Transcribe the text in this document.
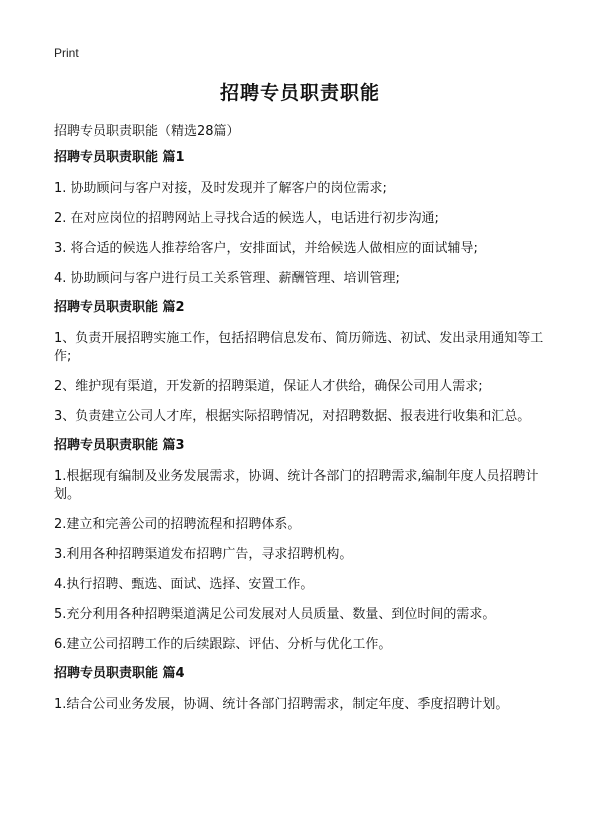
Print
招聘专员职责职能
招聘专员职责职能（精选28篇）
招聘专员职责职能 篇1
1. 协助顾问与客户对接，及时发现并了解客户的岗位需求;
2. 在对应岗位的招聘网站上寻找合适的候选人，电话进行初步沟通;
3. 将合适的候选人推荐给客户，安排面试，并给候选人做相应的面试辅导;
4. 协助顾问与客户进行员工关系管理、薪酬管理、培训管理;
招聘专员职责职能 篇2
1、负责开展招聘实施工作，包括招聘信息发布、简历筛选、初试、发出录用通知等工作;
2、维护现有渠道，开发新的招聘渠道，保证人才供给，确保公司用人需求;
3、负责建立公司人才库，根据实际招聘情况，对招聘数据、报表进行收集和汇总。
招聘专员职责职能 篇3
1.根据现有编制及业务发展需求，协调、统计各部门的招聘需求,编制年度人员招聘计划。
2.建立和完善公司的招聘流程和招聘体系。
3.利用各种招聘渠道发布招聘广告，寻求招聘机构。
4.执行招聘、甄选、面试、选择、安置工作。
5.充分利用各种招聘渠道满足公司发展对人员质量、数量、到位时间的需求。
6.建立公司招聘工作的后续跟踪、评估、分析与优化工作。
招聘专员职责职能 篇4
1.结合公司业务发展，协调、统计各部门招聘需求，制定年度、季度招聘计划。
